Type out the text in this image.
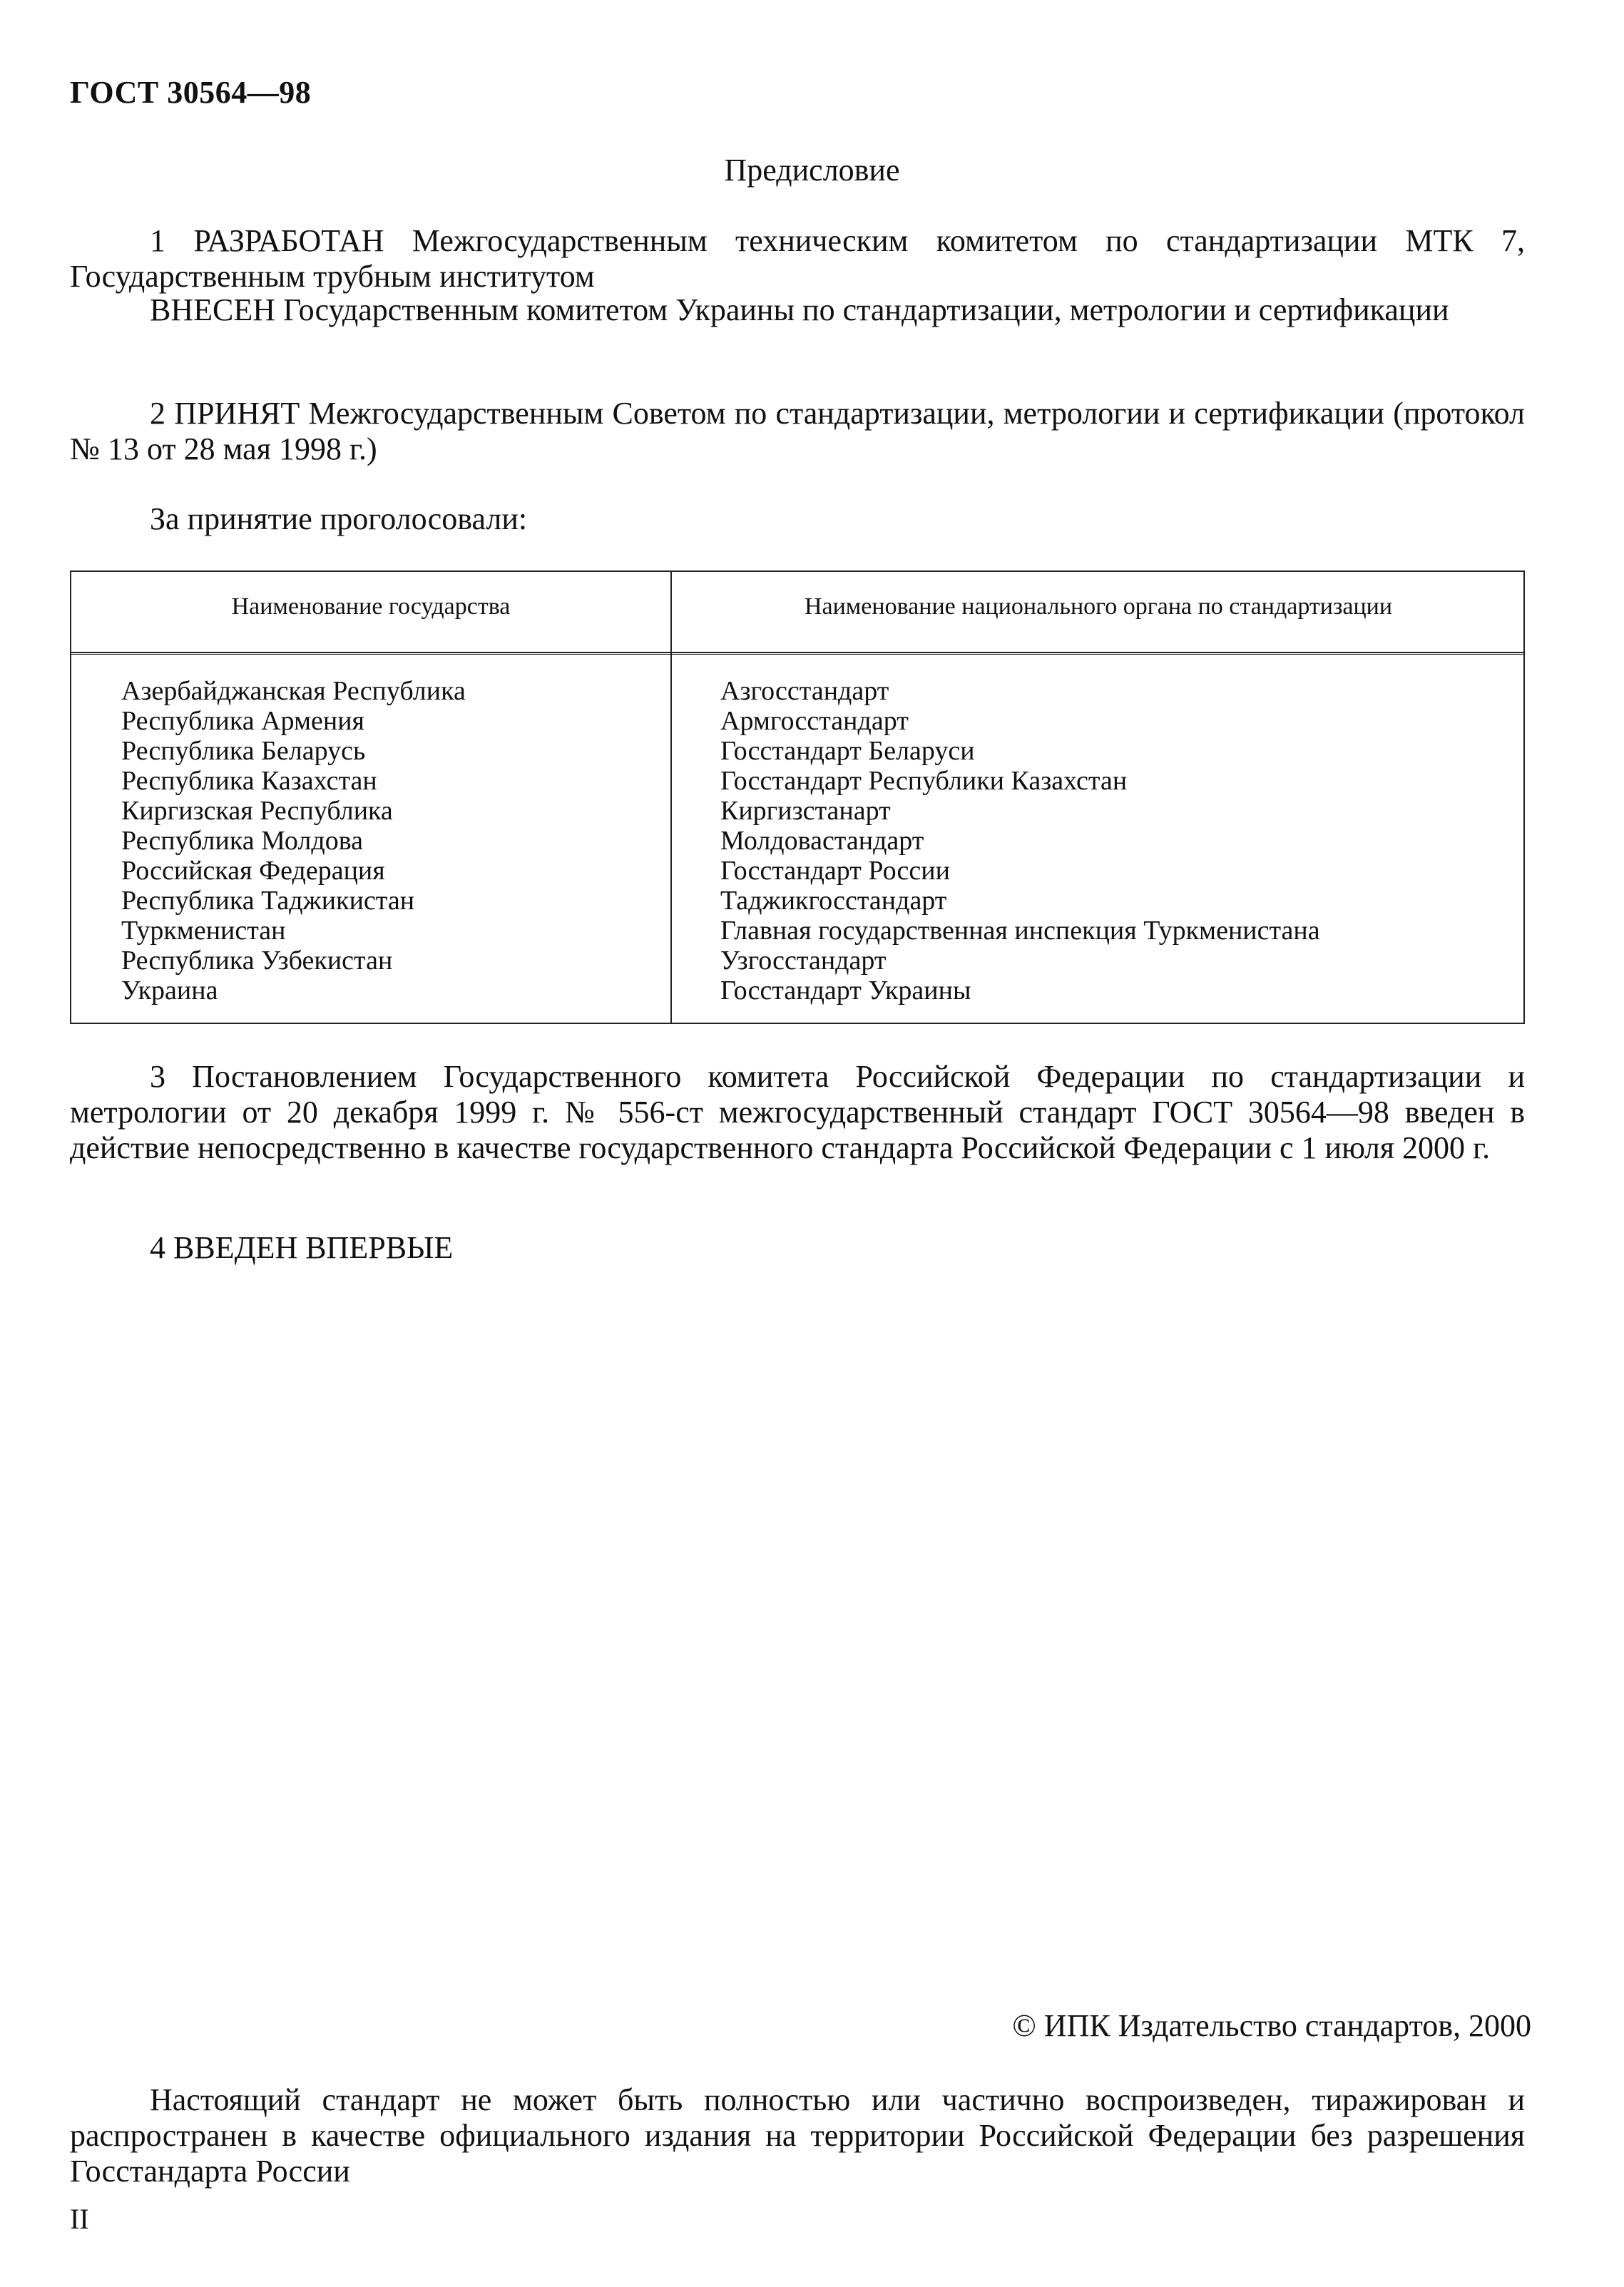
ГОСТ 30564—98
Предисловие
1 РАЗРАБОТАН Межгосударственным техническим комитетом по стандартизации МТК 7, Государственным трубным институтом
ВНЕСЕН Государственным комитетом Украины по стандартизации, метрологии и сертификации
2 ПРИНЯТ Межгосударственным Советом по стандартизации, метрологии и сертификации (протокол № 13 от 28 мая 1998 г.)
За принятие проголосовали:
Наименование государства	Наименование национального органа по стандартизации
Азербайджанская Республика
Республика Армения
Республика Беларусь
Республика Казахстан
Киргизская Республика
Республика Молдова
Российская Федерация
Республика Таджикистан
Туркменистан
Республика Узбекистан
Украина
Азгосстандарт
Армгосстандарт
Госстандарт Беларуси
Госстандарт Республики Казахстан
Киргизстанарт
Молдовастандарт
Госстандарт России
Таджикгосстандарт
Главная государственная инспекция Туркменистана
Узгосстандарт
Госстандарт Украины
3 Постановлением Государственного комитета Российской Федерации по стандартизации и метрологии от 20 декабря 1999 г. № 556-ст межгосударственный стандарт ГОСТ 30564—98 введен в действие непосредственно в качестве государственного стандарта Российской Федерации с 1 июля 2000 г.
4 ВВЕДЕН ВПЕРВЫЕ
© ИПК Издательство стандартов, 2000
Настоящий стандарт не может быть полностью или частично воспроизведен, тиражирован и распространен в качестве официального издания на территории Российской Федерации без разрешения Госстандарта России
II
